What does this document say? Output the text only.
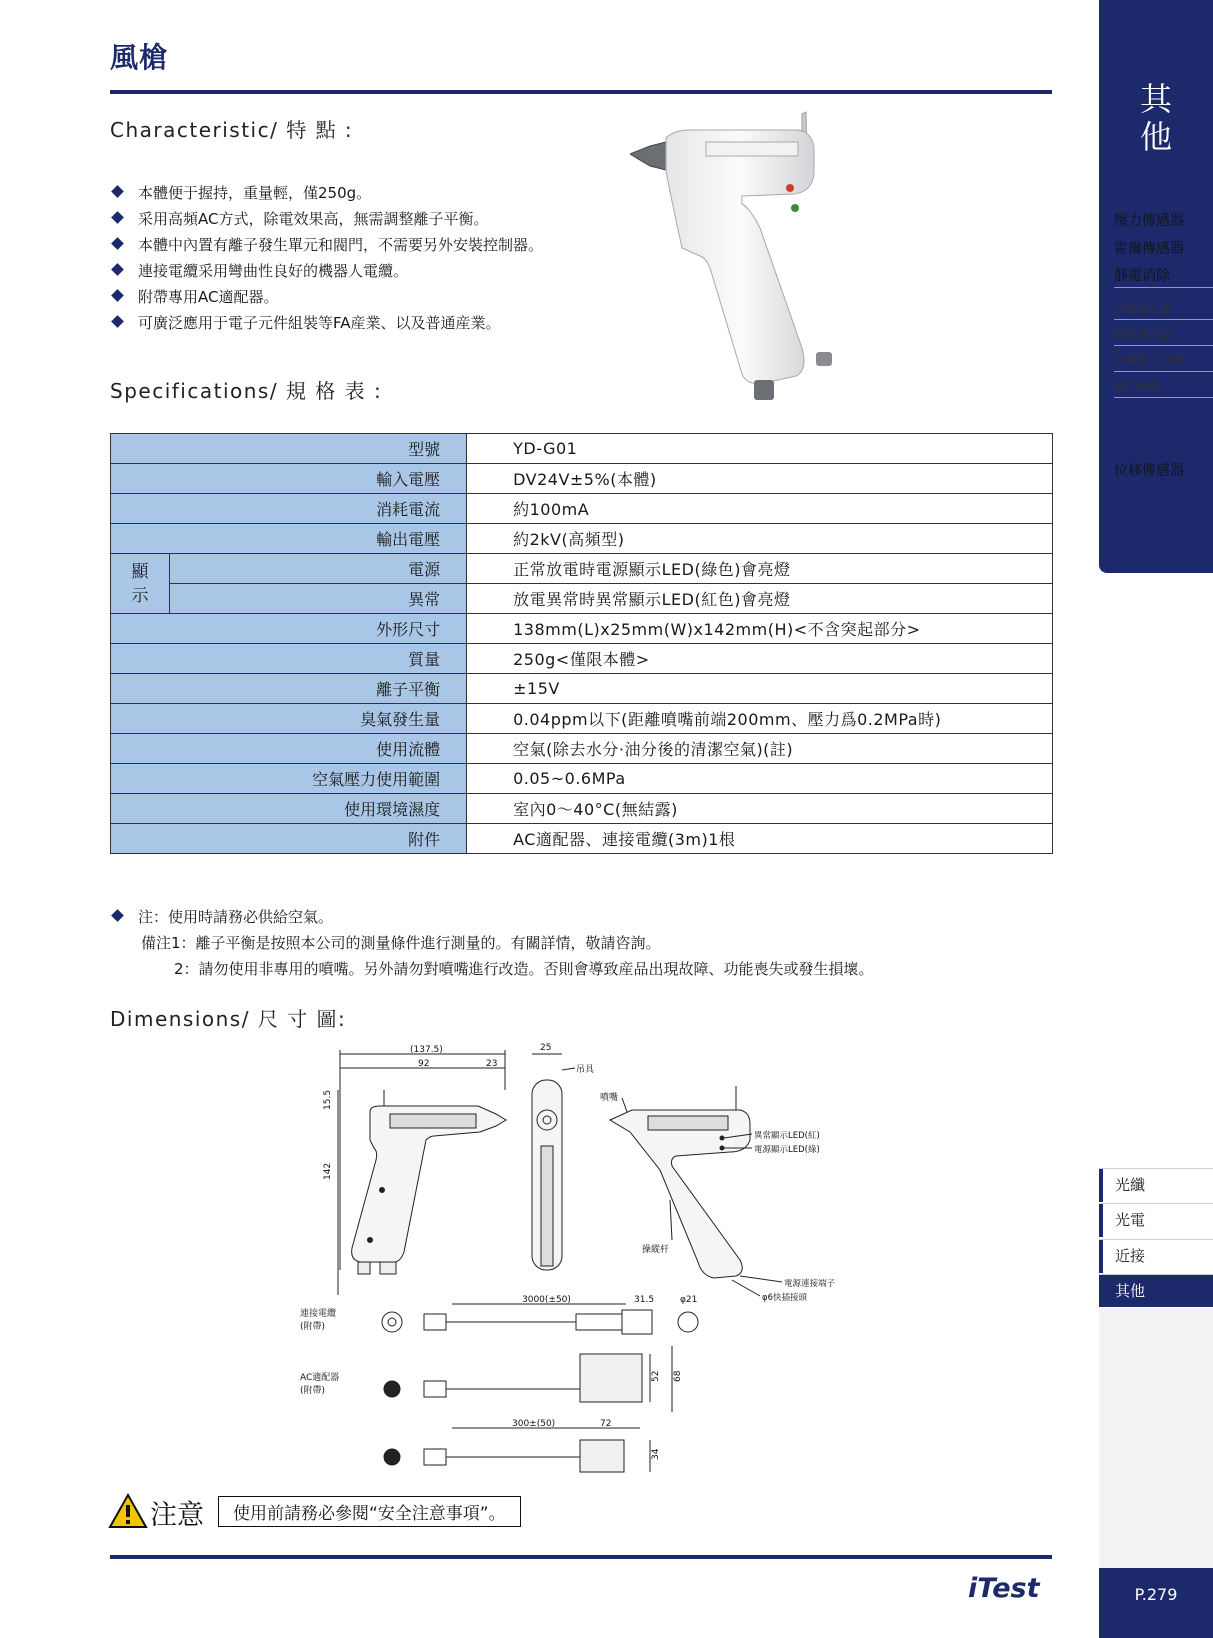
風槍
Characteristic/ 特 點 :
本體便于握持，重量輕，僅250g。
采用高頻AC方式，除電效果高，無需調整離子平衡。
本體中內置有離子發生單元和閥門，不需要另外安裝控制器。
連接電纜采用彎曲性良好的機器人電纜。
附帶專用AC適配器。
可廣泛應用于電子元件組裝等FA産業、以及普通産業。
Specifications/ 規 格 表 :
型號		YD-G01
輸入電壓		DV24V±5%(本體)
消耗電流		約100mA
輸出電壓		約2kV(高頻型)
顯示	電源	正常放電時電源顯示LED(綠色)會亮燈
	異常	放電異常時異常顯示LED(紅色)會亮燈
外形尺寸		138mm(L)x25mm(W)x142mm(H)<不含突起部分>
質量		250g<僅限本體>
離子平衡		±15V
臭氣發生量		0.04ppm以下(距離噴嘴前端200mm、壓力爲0.2MPa時)
使用流體		空氣(除去水分·油分後的清潔空氣)(註)
空氣壓力使用範圍		0.05~0.6MPa
使用環境濕度		室內0～40°C(無結露)
附件		AC適配器、連接電纜(3m)1根
注：使用時請務必供給空氣。
備注1：離子平衡是按照本公司的測量條件進行測量的。有關詳情，敬請咨詢。
2：請勿使用非專用的噴嘴。另外請勿對噴嘴進行改造。否則會導致産品出現故障、功能喪失或發生損壞。
Dimensions/ 尺 寸 圖:
(137.5)
92	23
142
15.5
25
吊具
噴嘴
異常顯示LED(紅)
電源顯示LED(綠)
操縱杆
電源連接端子
φ6快插接頭
連接電纜
(附帶)
3000(±50)	31.5	φ21
AC適配器
(附帶)
52 68
300±(50)	72
34
注意	使用前請務必參閱“安全注意事項”。
iTest
其
他
壓力傳感器
霍爾傳感器
靜電消除
高壓發生器
靜電消除器
高頻離子風機
離子風機
風槍
位移傳感器
光纖
光電
近接
其他
P.279
